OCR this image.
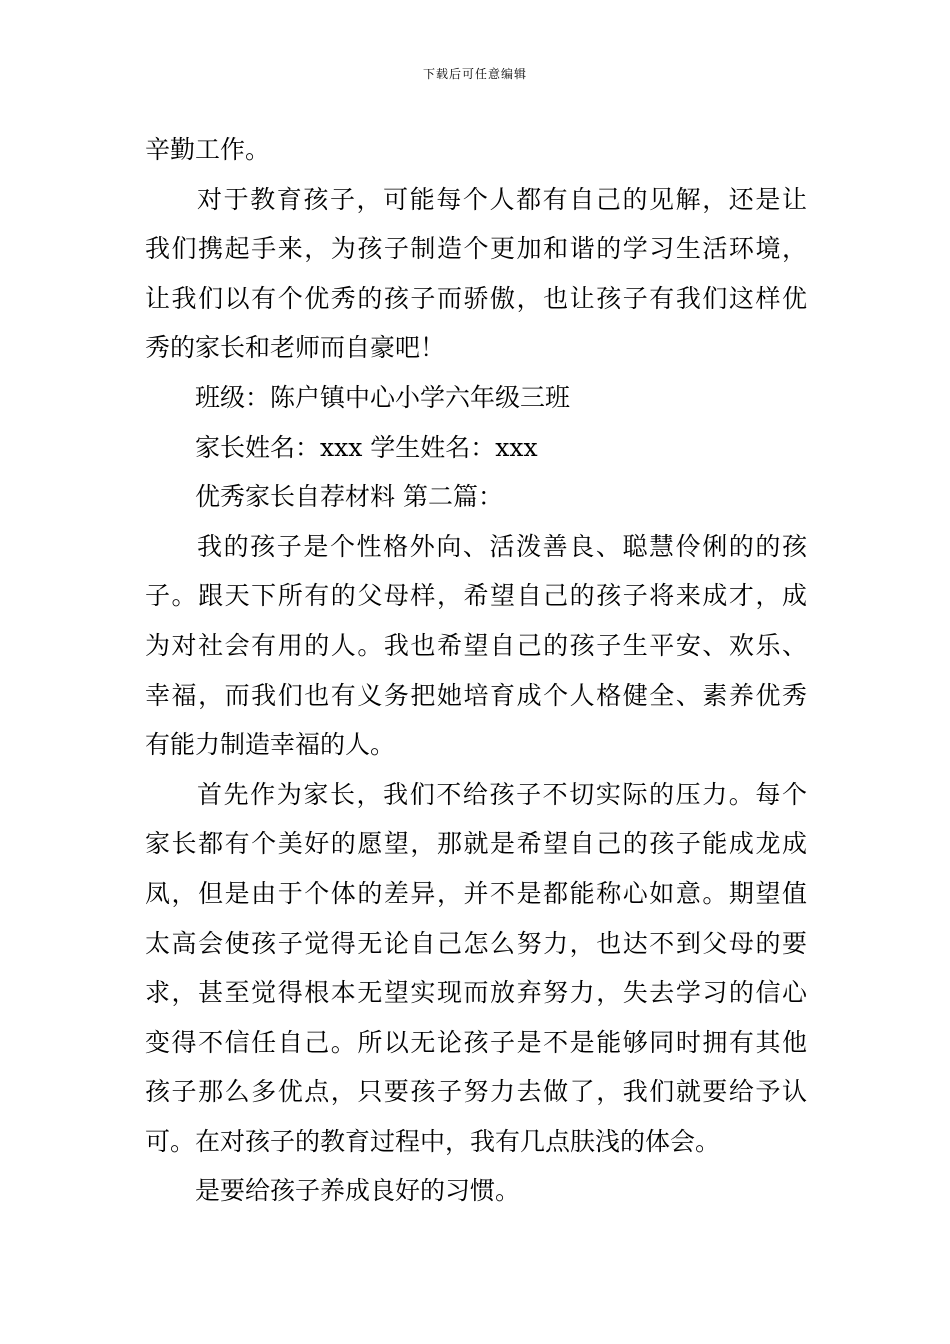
下载后可任意编辑
辛勤工作。
对于教育孩子，可能每个人都有自己的见解，还是让
我们携起手来，为孩子制造个更加和谐的学习生活环境，
让我们以有个优秀的孩子而骄傲，也让孩子有我们这样优
秀的家长和老师而自豪吧！
班级：陈户镇中心小学六年级三班
家长姓名：xxx 学生姓名：xxx
优秀家长自荐材料 第二篇：
我的孩子是个性格外向、活泼善良、聪慧伶俐的的孩
子。跟天下所有的父母样，希望自己的孩子将来成才，成
为对社会有用的人。我也希望自己的孩子生平安、欢乐、
幸福，而我们也有义务把她培育成个人格健全、素养优秀
有能力制造幸福的人。
首先作为家长，我们不给孩子不切实际的压力。每个
家长都有个美好的愿望，那就是希望自己的孩子能成龙成
凤，但是由于个体的差异，并不是都能称心如意。期望值
太高会使孩子觉得无论自己怎么努力，也达不到父母的要
求，甚至觉得根本无望实现而放弃努力，失去学习的信心
变得不信任自己。所以无论孩子是不是能够同时拥有其他
孩子那么多优点，只要孩子努力去做了，我们就要给予认
可。在对孩子的教育过程中，我有几点肤浅的体会。
是要给孩子养成良好的习惯。
